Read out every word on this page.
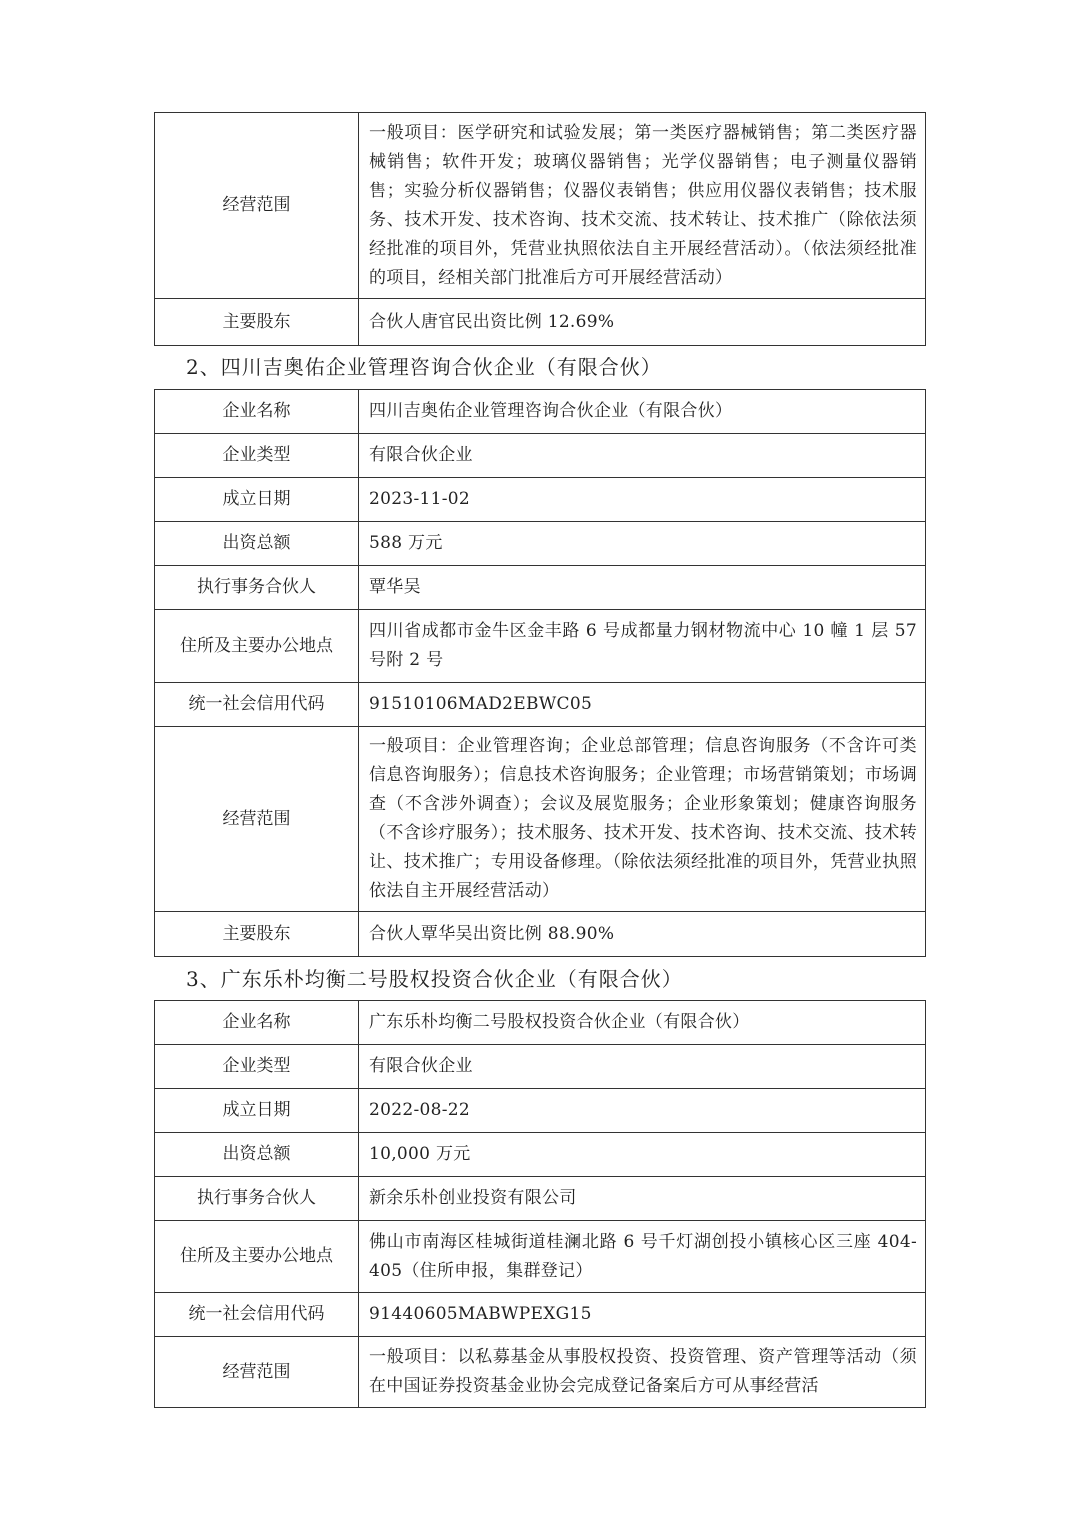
经营范围	一般项目：医学研究和试验发展；第一类医疗器械销售；第二类医疗器械销售；软件开发；玻璃仪器销售；光学仪器销售；电子测量仪器销售；实验分析仪器销售；仪器仪表销售；供应用仪器仪表销售；技术服务、技术开发、技术咨询、技术交流、技术转让、技术推广（除依法须经批准的项目外，凭营业执照依法自主开展经营活动）。（依法须经批准的项目，经相关部门批准后方可开展经营活动）
主要股东	合伙人唐官民出资比例 12.69%
2、四川吉奥佑企业管理咨询合伙企业（有限合伙）
企业名称	四川吉奥佑企业管理咨询合伙企业（有限合伙）
企业类型	有限合伙企业
成立日期	2023-11-02
出资总额	588 万元
执行事务合伙人	覃华吴
住所及主要办公地点	四川省成都市金牛区金丰路 6 号成都量力钢材物流中心 10 幢 1 层 57 号附 2 号
统一社会信用代码	91510106MAD2EBWC05
经营范围	一般项目：企业管理咨询；企业总部管理；信息咨询服务（不含许可类信息咨询服务）；信息技术咨询服务；企业管理；市场营销策划；市场调查（不含涉外调查）；会议及展览服务；企业形象策划；健康咨询服务（不含诊疗服务）；技术服务、技术开发、技术咨询、技术交流、技术转让、技术推广；专用设备修理。（除依法须经批准的项目外，凭营业执照依法自主开展经营活动）
主要股东	合伙人覃华吴出资比例 88.90%
3、广东乐朴均衡二号股权投资合伙企业（有限合伙）
企业名称	广东乐朴均衡二号股权投资合伙企业（有限合伙）
企业类型	有限合伙企业
成立日期	2022-08-22
出资总额	10,000 万元
执行事务合伙人	新余乐朴创业投资有限公司
住所及主要办公地点	佛山市南海区桂城街道桂澜北路 6 号千灯湖创投小镇核心区三座 404-405（住所申报，集群登记）
统一社会信用代码	91440605MABWPEXG15
经营范围	一般项目：以私募基金从事股权投资、投资管理、资产管理等活动（须在中国证券投资基金业协会完成登记备案后方可从事经营活
